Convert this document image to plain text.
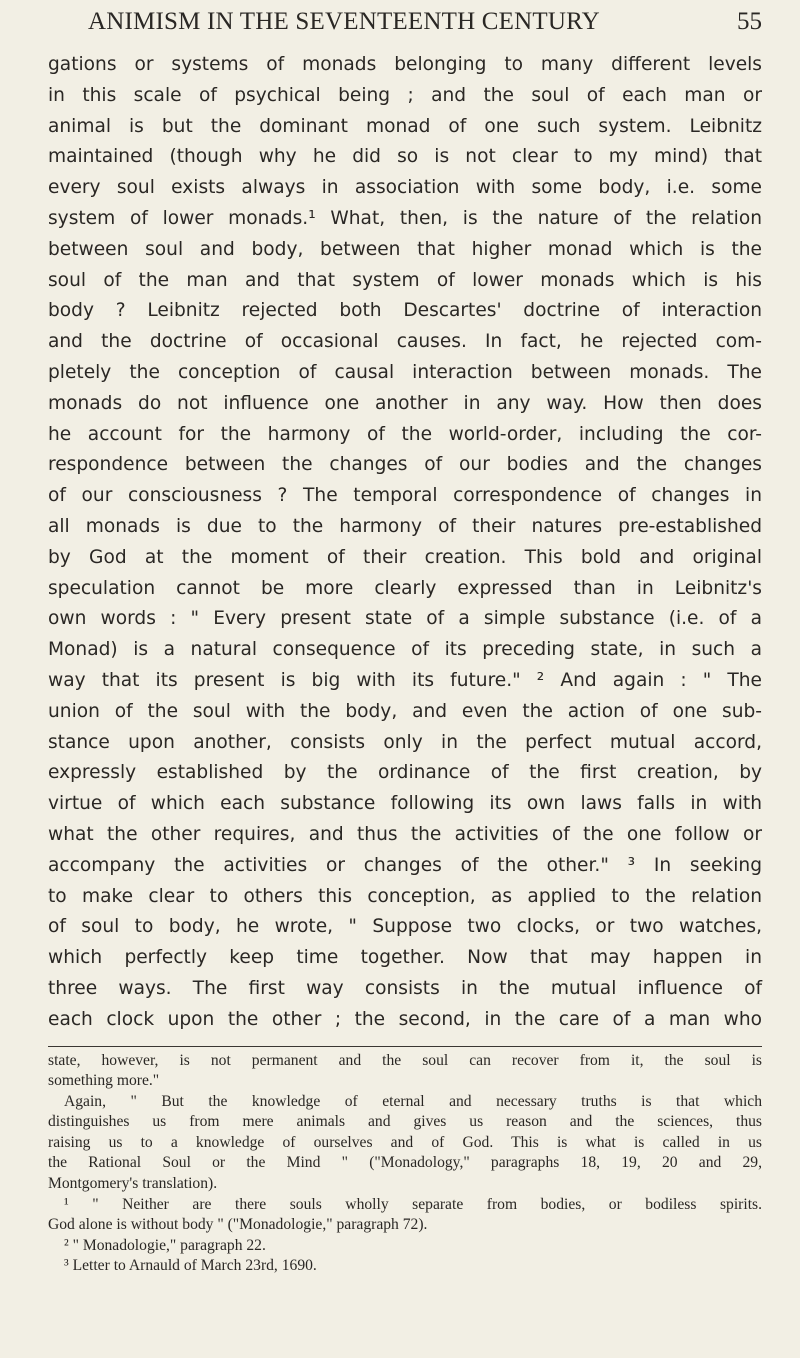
ANIMISM IN THE SEVENTEENTH CENTURY	55
gations or systems of monads belonging to many different levels
in this scale of psychical being ; and the soul of each man or
animal is but the dominant monad of one such system. Leibnitz
maintained (though why he did so is not clear to my mind) that
every soul exists always in association with some body, i.e. some
system of lower monads.¹ What, then, is the nature of the relation
between soul and body, between that higher monad which is the
soul of the man and that system of lower monads which is his
body ? Leibnitz rejected both Descartes' doctrine of interaction
and the doctrine of occasional causes. In fact, he rejected com-
pletely the conception of causal interaction between monads. The
monads do not influence one another in any way. How then does
he account for the harmony of the world-order, including the cor-
respondence between the changes of our bodies and the changes
of our consciousness ? The temporal correspondence of changes in
all monads is due to the harmony of their natures pre-established
by God at the moment of their creation. This bold and original
speculation cannot be more clearly expressed than in Leibnitz's
own words : " Every present state of a simple substance (i.e. of a
Monad) is a natural consequence of its preceding state, in such a
way that its present is big with its future." ² And again : " The
union of the soul with the body, and even the action of one sub-
stance upon another, consists only in the perfect mutual accord,
expressly established by the ordinance of the first creation, by
virtue of which each substance following its own laws falls in with
what the other requires, and thus the activities of the one follow or
accompany the activities or changes of the other." ³ In seeking
to make clear to others this conception, as applied to the relation
of soul to body, he wrote, " Suppose two clocks, or two watches,
which perfectly keep time together. Now that may happen in
three ways. The first way consists in the mutual influence of
each clock upon the other ; the second, in the care of a man who
state, however, is not permanent and the soul can recover from it, the soul is
something more."
Again, " But the knowledge of eternal and necessary truths is that which
distinguishes us from mere animals and gives us reason and the sciences, thus
raising us to a knowledge of ourselves and of God. This is what is called in us
the Rational Soul or the Mind " ("Monadology," paragraphs 18, 19, 20 and 29,
Montgomery's translation).
¹ " Neither are there souls wholly separate from bodies, or bodiless spirits.
God alone is without body " ("Monadologie," paragraph 72).
² " Monadologie," paragraph 22.
³ Letter to Arnauld of March 23rd, 1690.
